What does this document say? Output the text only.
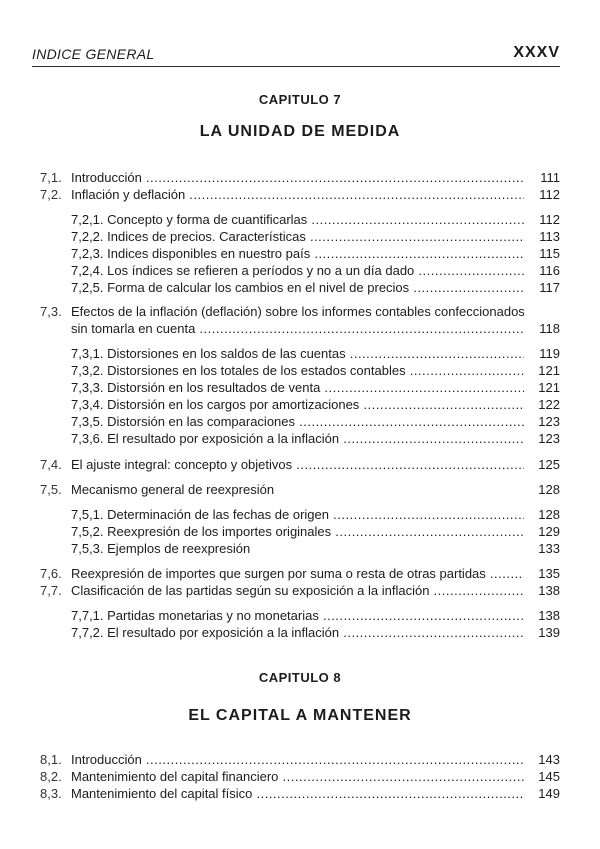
INDICE GENERAL	XXXV
CAPITULO 7
LA UNIDAD DE MEDIDA
7,1. Introducción .....	111
7,2. Inflación y deflación .....	112
7,2,1. Concepto y forma de cuantificarlas .....	112
7,2,2. Indices de precios. Características .....	113
7,2,3. Indices disponibles en nuestro país .....	115
7,2,4. Los índices se refieren a períodos y no a un día dado .....	116
7,2,5. Forma de calcular los cambios en el nivel de precios .....	117
7,3. Efectos de la inflación (deflación) sobre los informes contables confeccionados
sin tomarla en cuenta .....	118
7,3,1. Distorsiones en los saldos de las cuentas .....	119
7,3,2. Distorsiones en los totales de los estados contables .....	121
7,3,3. Distorsión en los resultados de venta .....	121
7,3,4. Distorsión en los cargos por amortizaciones .....	122
7,3,5. Distorsión en las comparaciones .....	123
7,3,6. El resultado por exposición a la inflación .....	123
7,4. El ajuste integral: concepto y objetivos .....	125
7,5. Mecanismo general de reexpresión	128
7,5,1. Determinación de las fechas de origen .....	128
7,5,2. Reexpresión de los importes originales .....	129
7,5,3. Ejemplos de reexpresión	133
7,6. Reexpresión de importes que surgen por suma o resta de otras partidas .....	135
7,7. Clasificación de las partidas según su exposición a la inflación .....	138
7,7,1. Partidas monetarias y no monetarias .....	138
7,7,2. El resultado por exposición a la inflación .....	139
CAPITULO 8
EL CAPITAL A MANTENER
8,1. Introducción .....	143
8,2. Mantenimiento del capital financiero .....	145
8,3. Mantenimiento del capital físico .....	149
